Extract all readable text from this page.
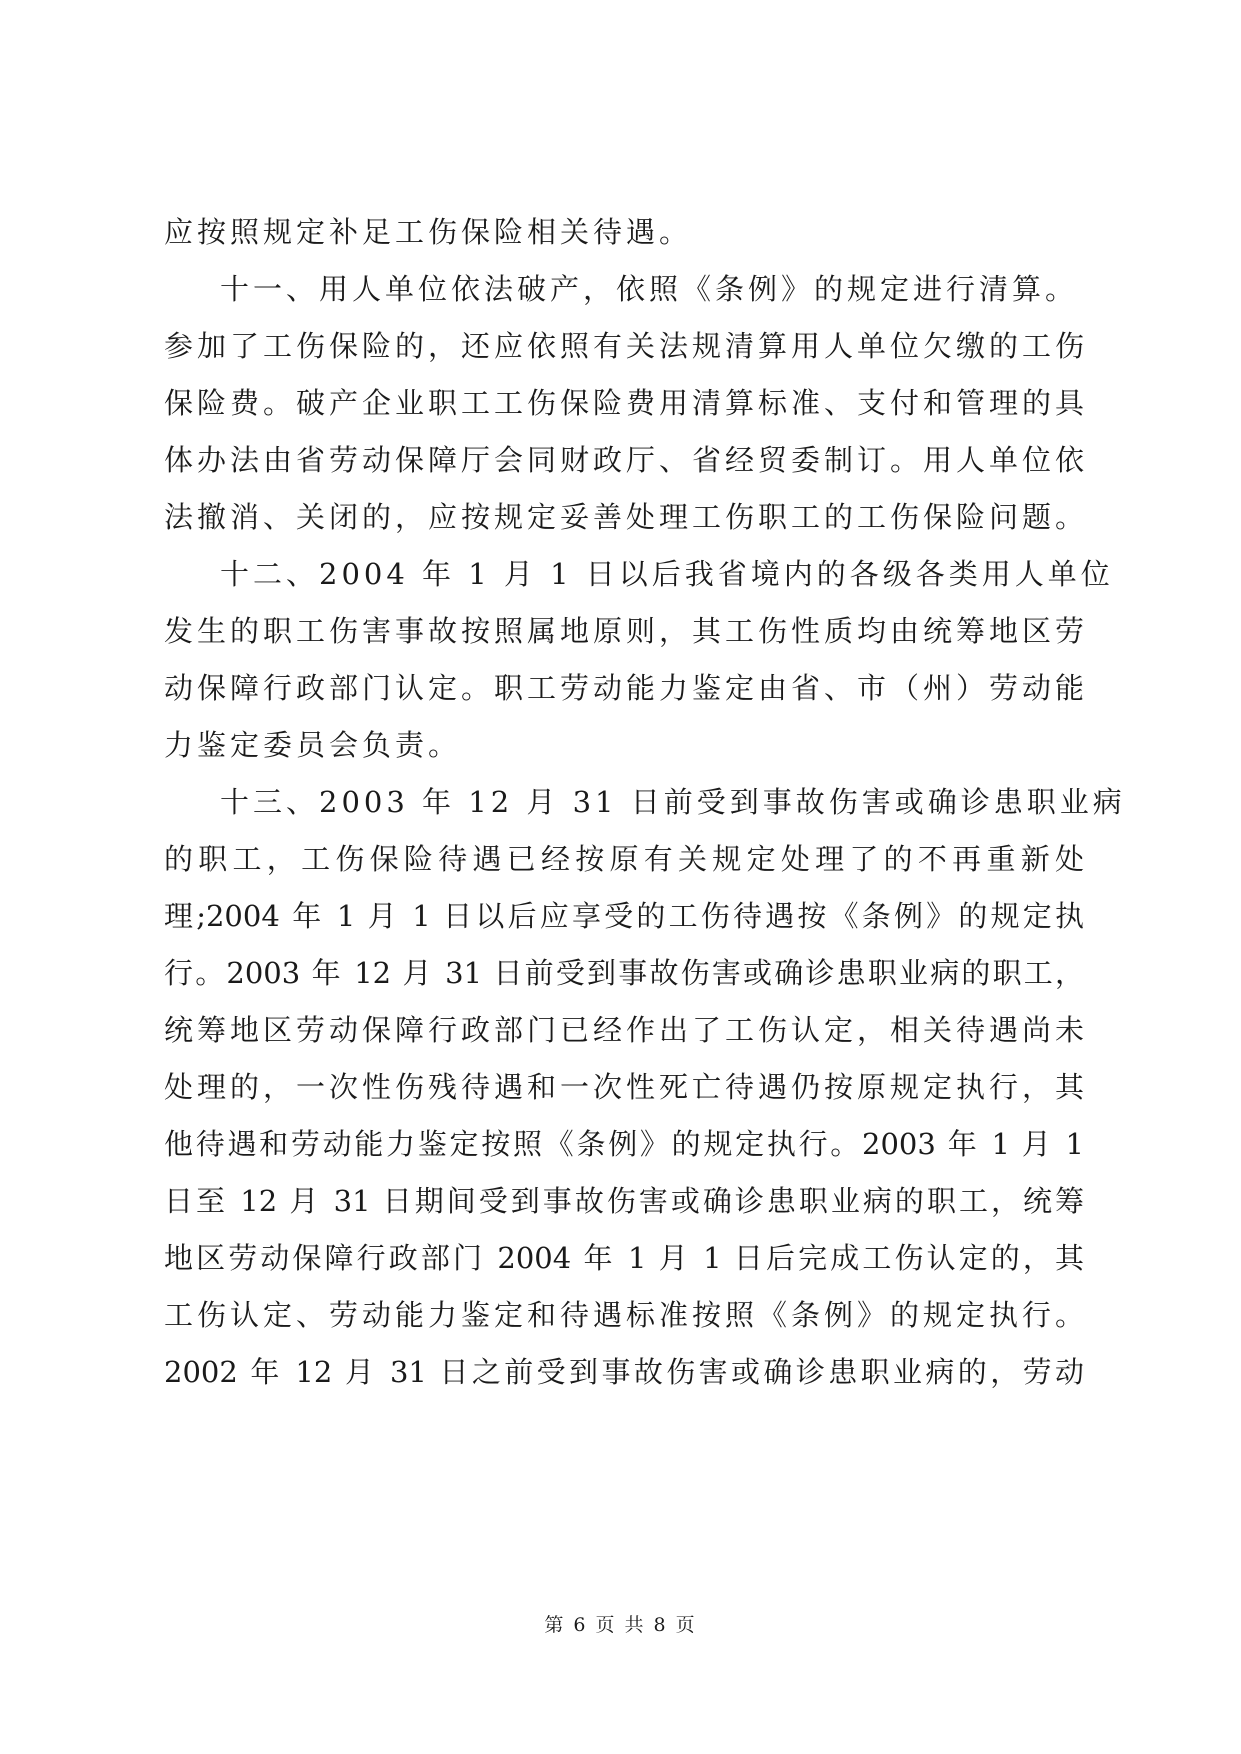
应按照规定补足工伤保险相关待遇。
十一、用人单位依法破产，依照《条例》的规定进行清算。
参加了工伤保险的，还应依照有关法规清算用人单位欠缴的工伤
保险费。破产企业职工工伤保险费用清算标准、支付和管理的具
体办法由省劳动保障厅会同财政厅、省经贸委制订。用人单位依
法撤消、关闭的，应按规定妥善处理工伤职工的工伤保险问题。
十二、2004 年 1 月 1 日以后我省境内的各级各类用人单位
发生的职工伤害事故按照属地原则，其工伤性质均由统筹地区劳
动保障行政部门认定。职工劳动能力鉴定由省、市（州）劳动能
力鉴定委员会负责。
十三、2003 年 12 月 31 日前受到事故伤害或确诊患职业病
的职工，工伤保险待遇已经按原有关规定处理了的不再重新处
理;2004 年 1 月 1 日以后应享受的工伤待遇按《条例》的规定执
行。2003 年 12 月 31 日前受到事故伤害或确诊患职业病的职工，
统筹地区劳动保障行政部门已经作出了工伤认定，相关待遇尚未
处理的，一次性伤残待遇和一次性死亡待遇仍按原规定执行，其
他待遇和劳动能力鉴定按照《条例》的规定执行。2003 年 1 月 1
日至 12 月 31 日期间受到事故伤害或确诊患职业病的职工，统筹
地区劳动保障行政部门 2004 年 1 月 1 日后完成工伤认定的，其
工伤认定、劳动能力鉴定和待遇标准按照《条例》的规定执行。
2002 年 12 月 31 日之前受到事故伤害或确诊患职业病的，劳动
第 6 页 共 8 页
